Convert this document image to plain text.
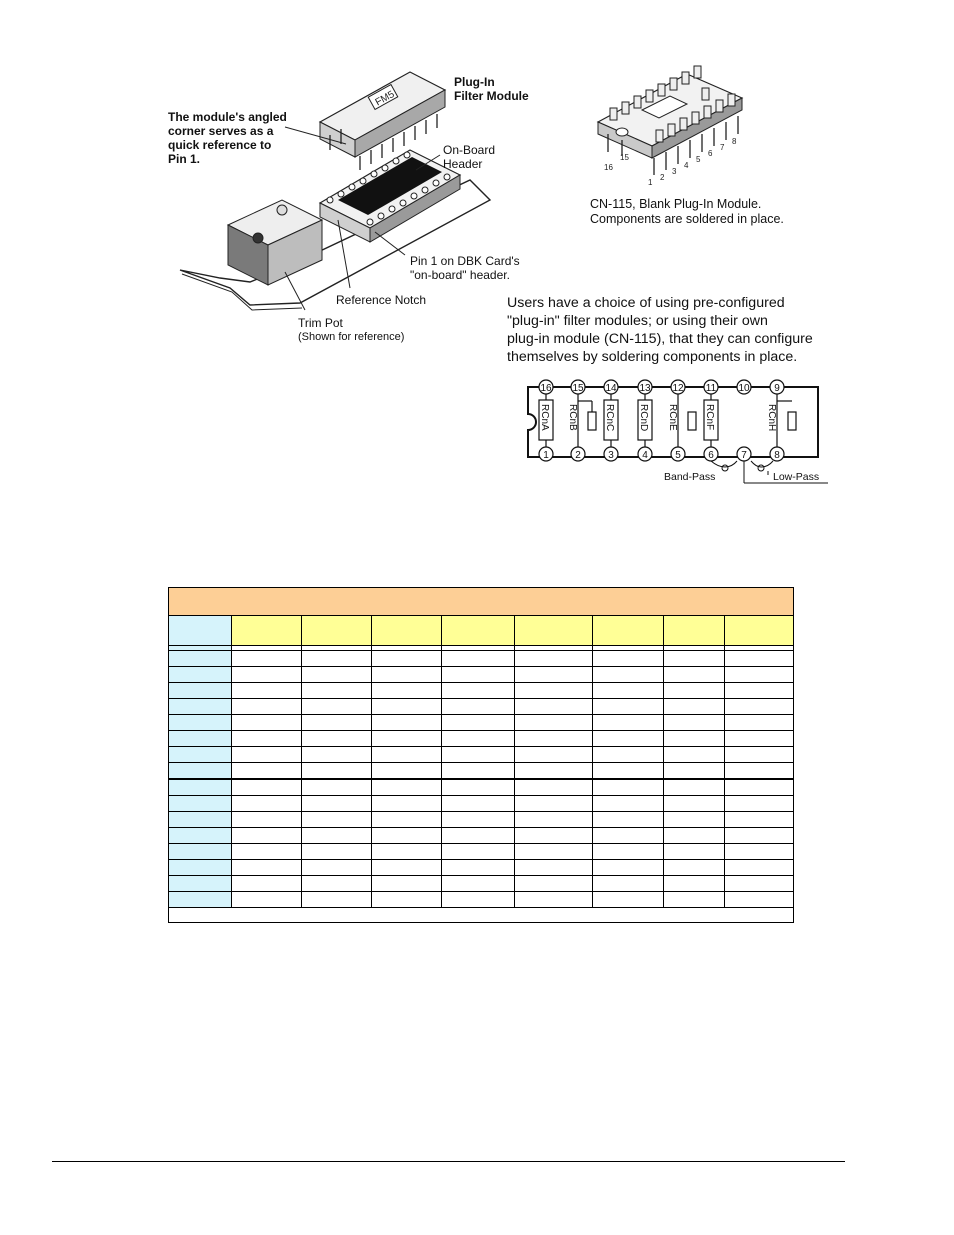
FM5
Plug-In
Filter Module
The module's angled
corner serves as a
quick reference to
Pin 1.
On-Board
Header
Pin 1 on DBK Card's
"on-board" header.
Reference Notch
Trim Pot
(Shown for reference)
16
15
1
2
3
4
5
6
7
8
CN-115, Blank Plug-In Module.
Components are soldered in place.
Users have a choice of using pre-configured
"plug-in" filter modules; or using their own
plug-in module (CN-115), that they can configure
themselves by soldering components in place.
16 15 14 13 12 11 10 9
1	2	3	4	5	6	7	8
RCnA RCnB	RCnC RCnD RCnE	RCnF	RCnH
Band-Pass	Low-Pass
